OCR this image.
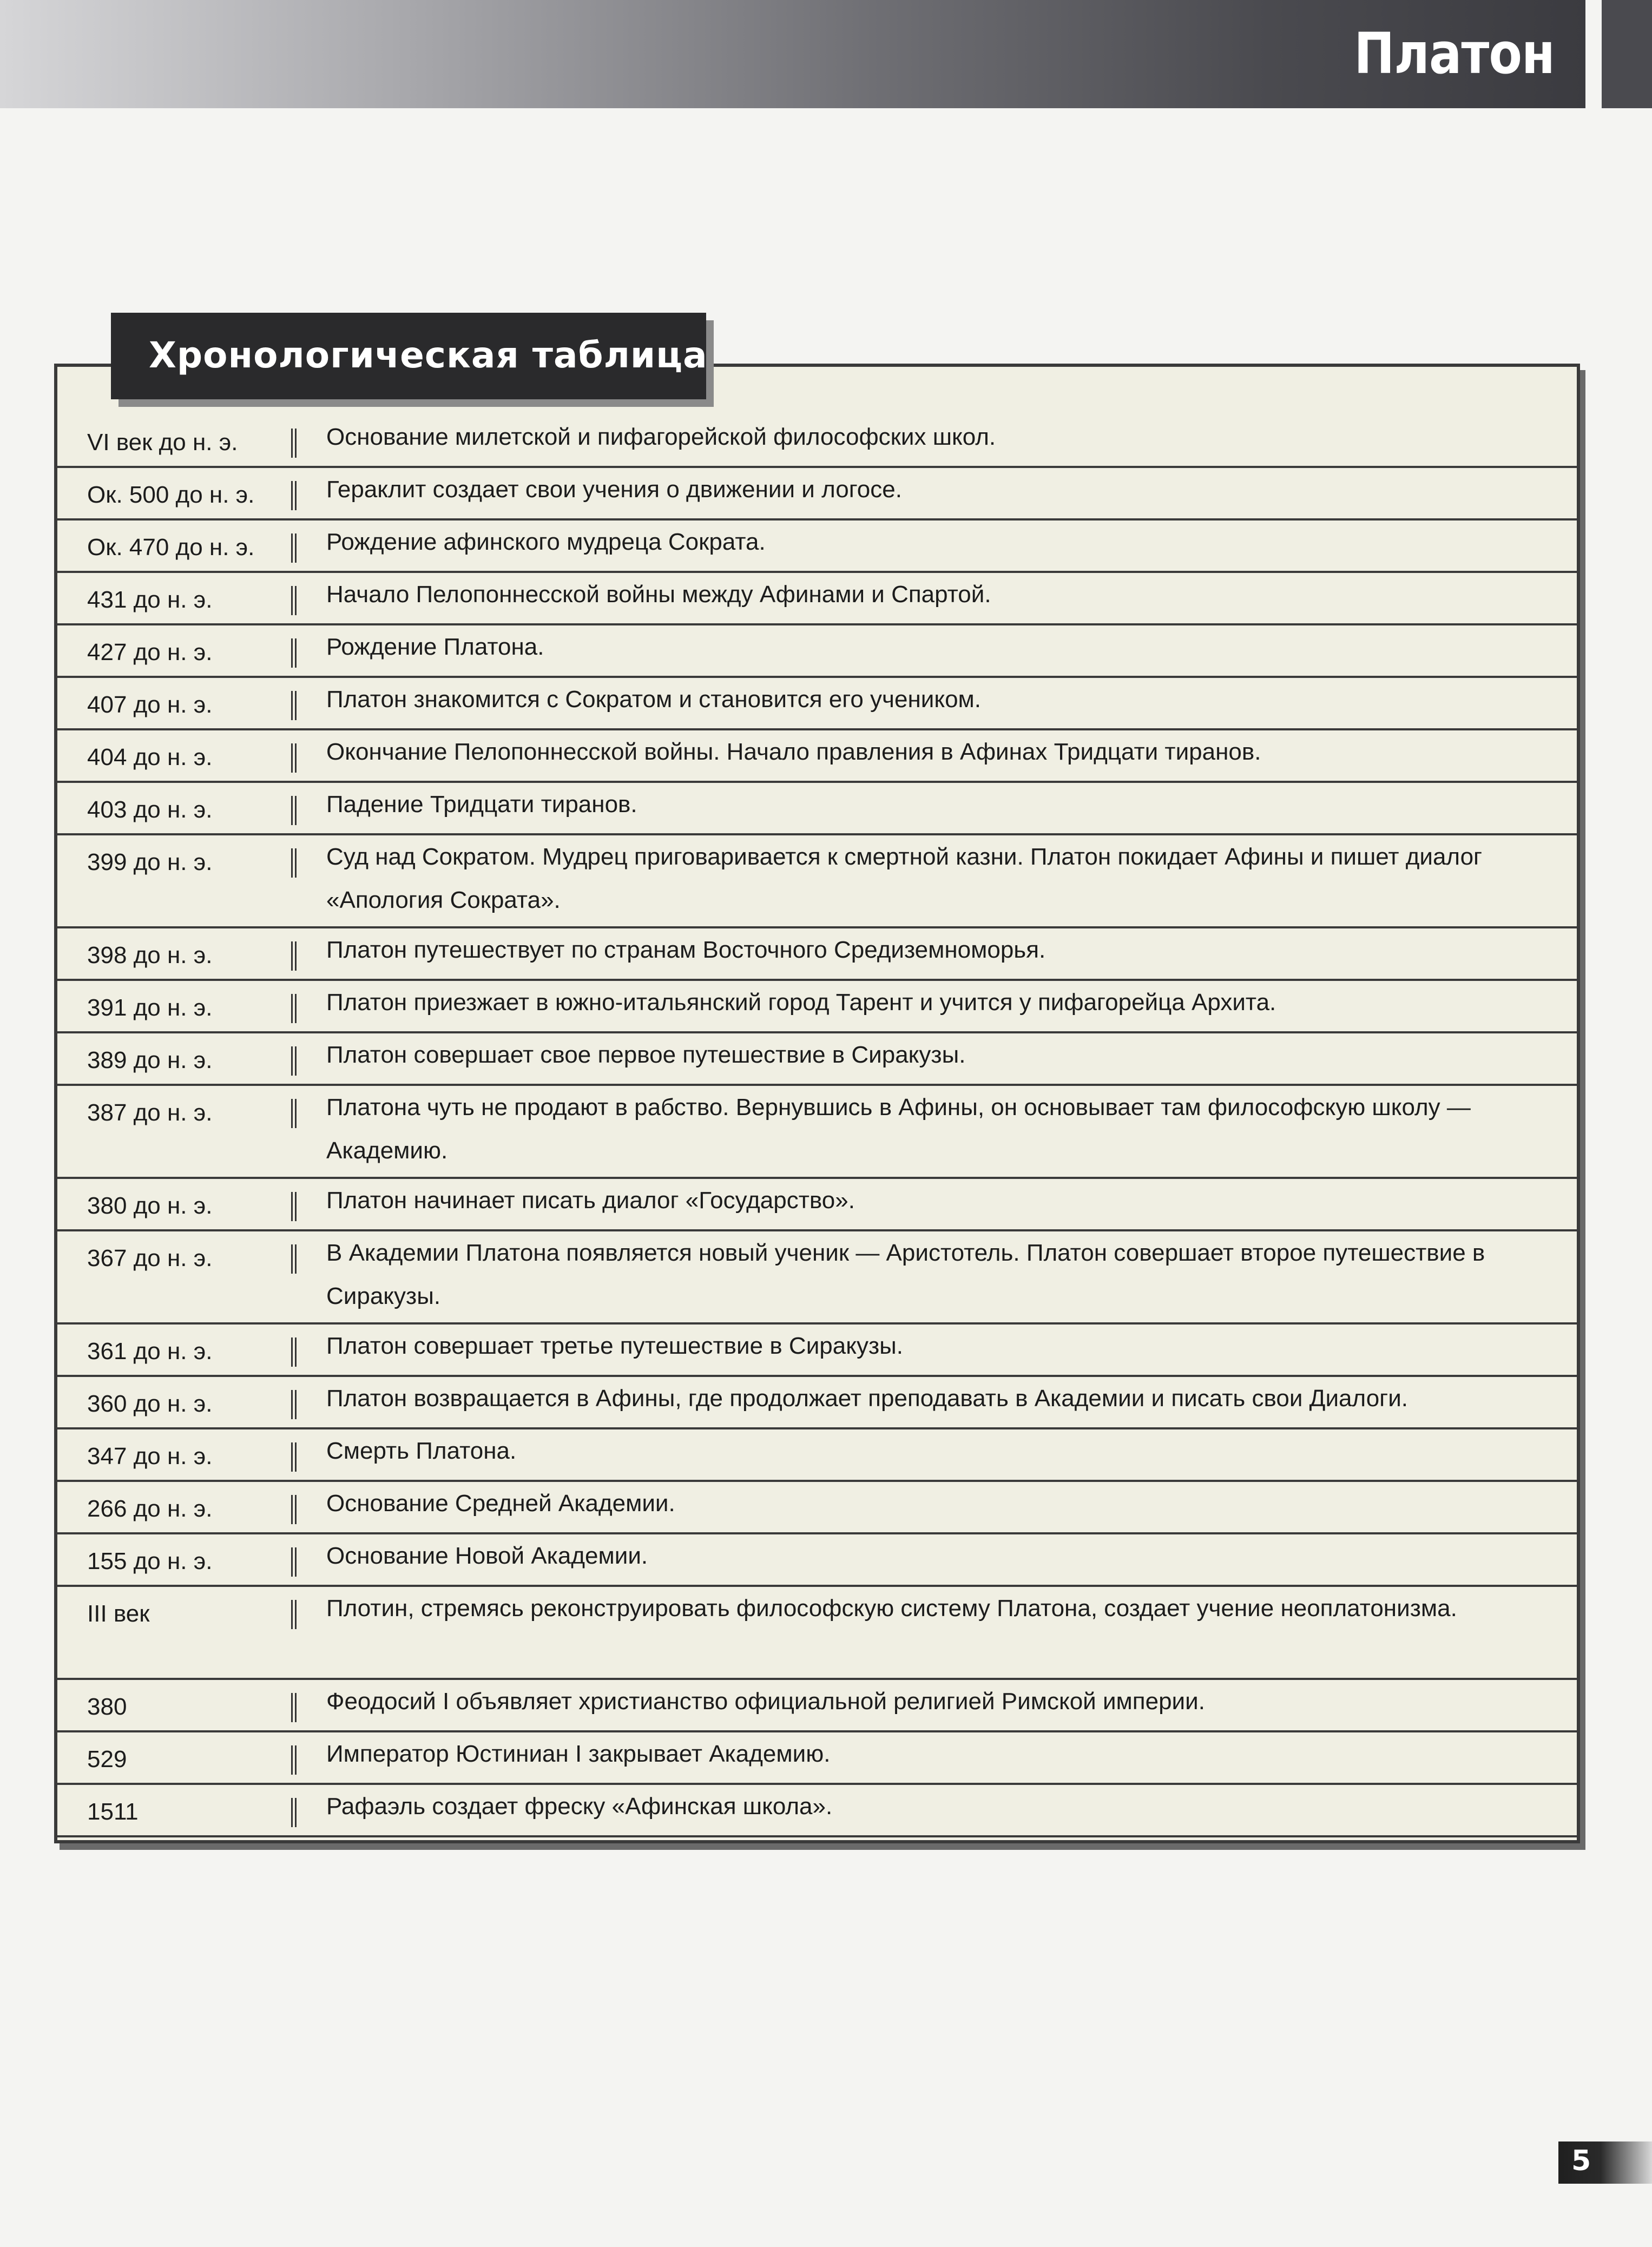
Платон
Хронологическая таблица
VI век до н. э.	Основание милетской и пифагорейской философских школ.
Ок. 500 до н. э.	Гераклит создает свои учения о движении и логосе.
Ок. 470 до н. э.	Рождение афинского мудреца Сократа.
431 до н. э.	Начало Пелопоннесской войны между Афинами и Спартой.
427 до н. э.	Рождение Платона.
407 до н. э.	Платон знакомится с Сократом и становится его учеником.
404 до н. э.	Окончание Пелопоннесской войны. Начало правления в Афинах Тридцати тиранов.
403 до н. э.	Падение Тридцати тиранов.
399 до н. э.	Суд над Сократом. Мудрец приговаривается к смертной казни. Платон покидает Афины и пишет диалог «Апология Сократа».
398 до н. э.	Платон путешествует по странам Восточного Средиземноморья.
391 до н. э.	Платон приезжает в южно-итальянский город Тарент и учится у пифагорейца Архита.
389 до н. э.	Платон совершает свое первое путешествие в Сиракузы.
387 до н. э.	Платона чуть не продают в рабство. Вернувшись в Афины, он основывает там философскую школу — Академию.
380 до н. э.	Платон начинает писать диалог «Государство».
367 до н. э.	В Академии Платона появляется новый ученик — Аристотель. Платон совершает второе путешествие в Сиракузы.
361 до н. э.	Платон совершает третье путешествие в Сиракузы.
360 до н. э.	Платон возвращается в Афины, где продолжает преподавать в Академии и писать свои Диалоги.
347 до н. э.	Смерть Платона.
266 до н. э.	Основание Средней Академии.
155 до н. э.	Основание Новой Академии.
III век	Плотин, стремясь реконструировать философскую систему Платона, создает учение неоплатонизма.
380	Феодосий I объявляет христианство официальной религией Римской империи.
529	Император Юстиниан I закрывает Академию.
1511	Рафаэль создает фреску «Афинская школа».
5
